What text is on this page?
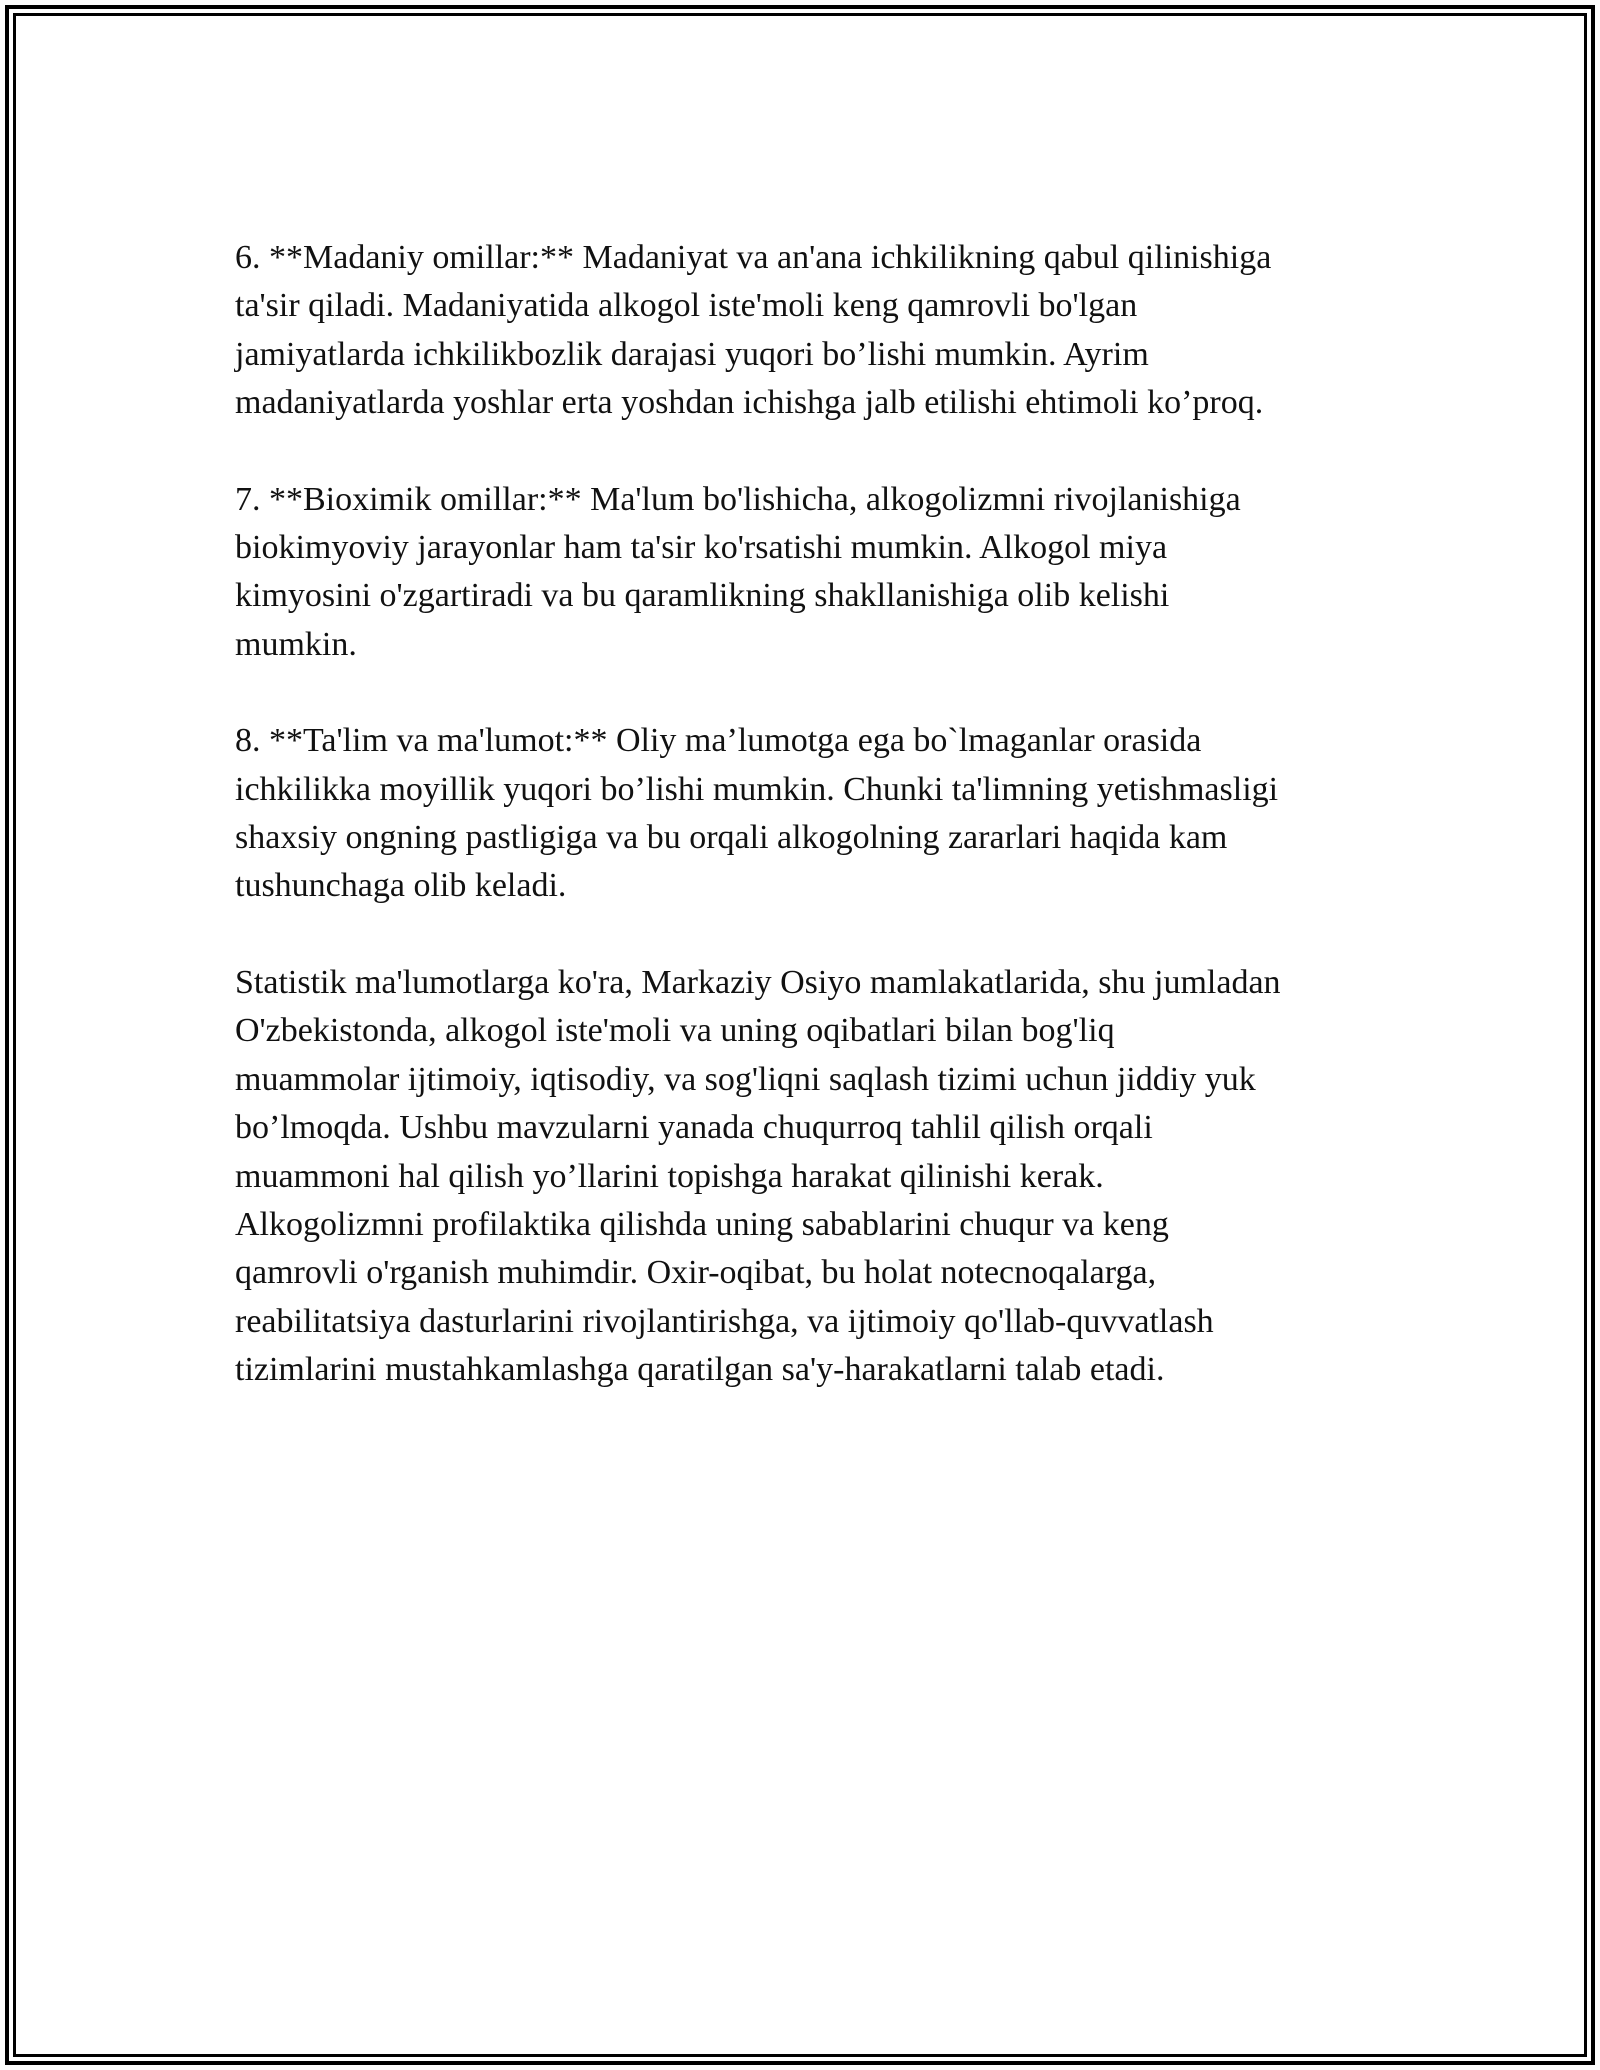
6. **Madaniy omillar:** Madaniyat va an'ana ichkilikning qabul qilinishiga
ta'sir qiladi. Madaniyatida alkogol iste'moli keng qamrovli bo'lgan
jamiyatlarda ichkilikbozlik darajasi yuqori bo’lishi mumkin. Ayrim
madaniyatlarda yoshlar erta yoshdan ichishga jalb etilishi ehtimoli ko’proq.

7. **Bioximik omillar:** Ma'lum bo'lishicha, alkogolizmni rivojlanishiga
biokimyoviy jarayonlar ham ta'sir ko'rsatishi mumkin. Alkogol miya
kimyosini o'zgartiradi va bu qaramlikning shakllanishiga olib kelishi
mumkin.

8. **Ta'lim va ma'lumot:** Oliy ma’lumotga ega bo`lmaganlar orasida
ichkilikka moyillik yuqori bo’lishi mumkin. Chunki ta'limning yetishmasligi
shaxsiy ongning pastligiga va bu orqali alkogolning zararlari haqida kam
tushunchaga olib keladi.

Statistik ma'lumotlarga ko'ra, Markaziy Osiyo mamlakatlarida, shu jumladan
O'zbekistonda, alkogol iste'moli va uning oqibatlari bilan bog'liq
muammolar ijtimoiy, iqtisodiy, va sog'liqni saqlash tizimi uchun jiddiy yuk
bo’lmoqda. Ushbu mavzularni yanada chuqurroq tahlil qilish orqali
muammoni hal qilish yo’llarini topishga harakat qilinishi kerak.
Alkogolizmni profilaktika qilishda uning sabablarini chuqur va keng
qamrovli o'rganish muhimdir. Oxir-oqibat, bu holat notecnoqalarga,
reabilitatsiya dasturlarini rivojlantirishga, va ijtimoiy qo'llab-quvvatlash
tizimlarini mustahkamlashga qaratilgan sa'y-harakatlarni talab etadi.
